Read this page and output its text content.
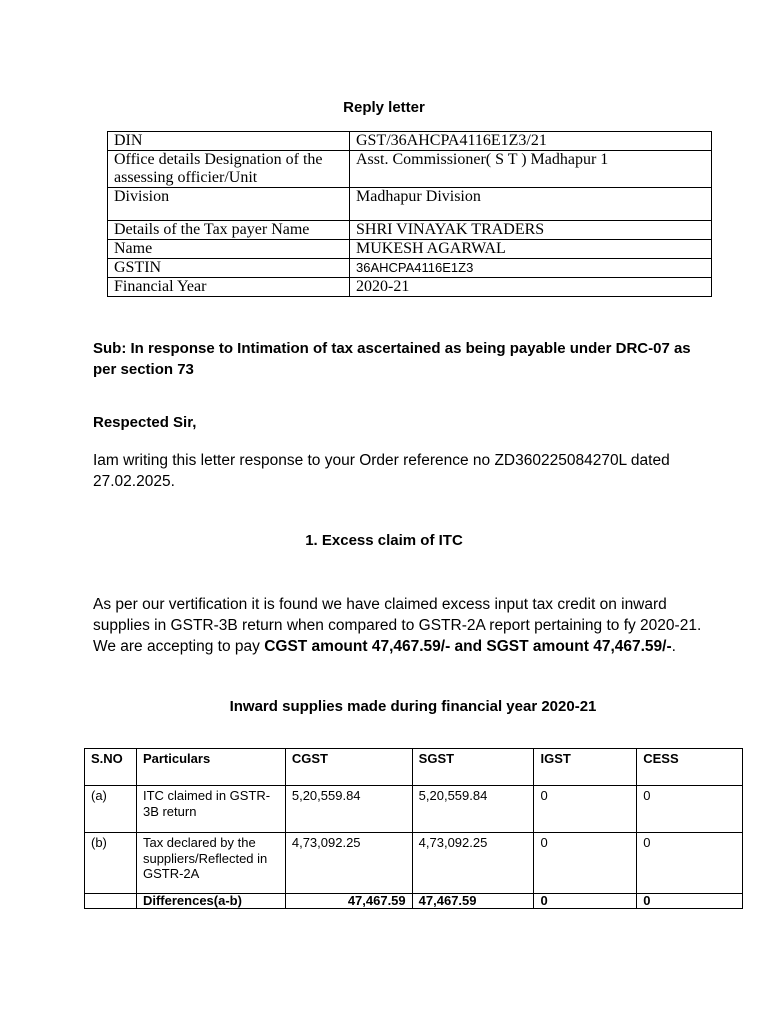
Reply letter
DIN	GST/36AHCPA4116E1Z3/21
Office details Designation of the assessing officier/Unit	Asst. Commissioner( S T ) Madhapur 1
Division	Madhapur Division
Details of the Tax payer Name	SHRI VINAYAK TRADERS
Name	MUKESH AGARWAL
GSTIN	36AHCPA4116E1Z3
Financial Year	2020-21
Sub: In response to Intimation of tax ascertained as being payable under DRC-07 as per section 73
Respected Sir,
Iam writing this letter response to your Order reference no ZD360225084270L dated 27.02.2025.
1. Excess claim of ITC
As per our vertification it is found we have claimed excess input tax credit on inward supplies in GSTR-3B return when compared to GSTR-2A report pertaining to fy 2020-21. We are accepting to pay CGST amount 47,467.59/- and SGST amount 47,467.59/-.
Inward supplies made during financial year 2020-21
S.NO	Particulars	CGST	SGST	IGST	CESS
(a)	ITC claimed in GSTR-3B return	5,20,559.84	5,20,559.84	0	0
(b)	Tax declared by the suppliers/Reflected in GSTR-2A	4,73,092.25	4,73,092.25	0	0
	Differences(a-b)	47,467.59	47,467.59	0	0
